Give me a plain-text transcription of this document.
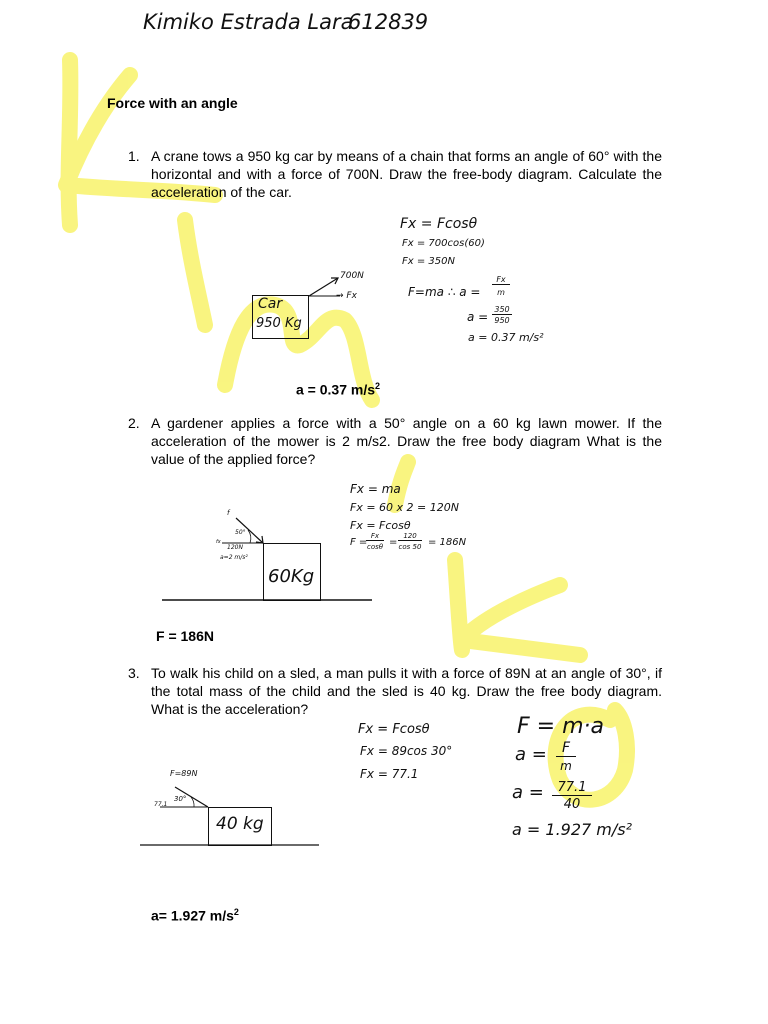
Kimiko Estrada Lara
612839
Force with an angle
1. A crane tows a 950 kg car by means of a chain that forms an angle of 60° with the horizontal and with a force of 700N. Draw the free-body diagram. Calculate the acceleration of the car.
Fx = Fcosθ
Fx = 700cos(60)
Fx = 350N
F=ma ∴ a =
Fx
m
a =
350
950
a = 0.37 m/s²
Car
950 Kg
700N
→ Fx
a = 0.37 $m/s^2$
2. A gardener applies a force with a 50° angle on a 60 kg lawn mower. If the acceleration of the mower is 2 m/s2. Draw the free body diagram What is the value of the applied force?
Fx = ma
Fx = 60 x 2 = 120N
Fx = Fcosθ
F =
Fx
cosθ =
120
cos 50 = 186N
60Kg
f
50°
fx
120N
a=2 m/s²
F = 186N
3. To walk his child on a sled, a man pulls it with a force of 89N at an angle of 30°, if the total mass of the child and the sled is 40 kg. Draw the free body diagram. What is the acceleration?
Fx = Fcosθ
Fx = 89cos 30°
Fx = 77.1
F = m·a
a =	F
m
a =	77.1
40
a = 1.927 m/s²
40 kg
F=89N
30°
77.1
a= 1.927 $m/s^2$
